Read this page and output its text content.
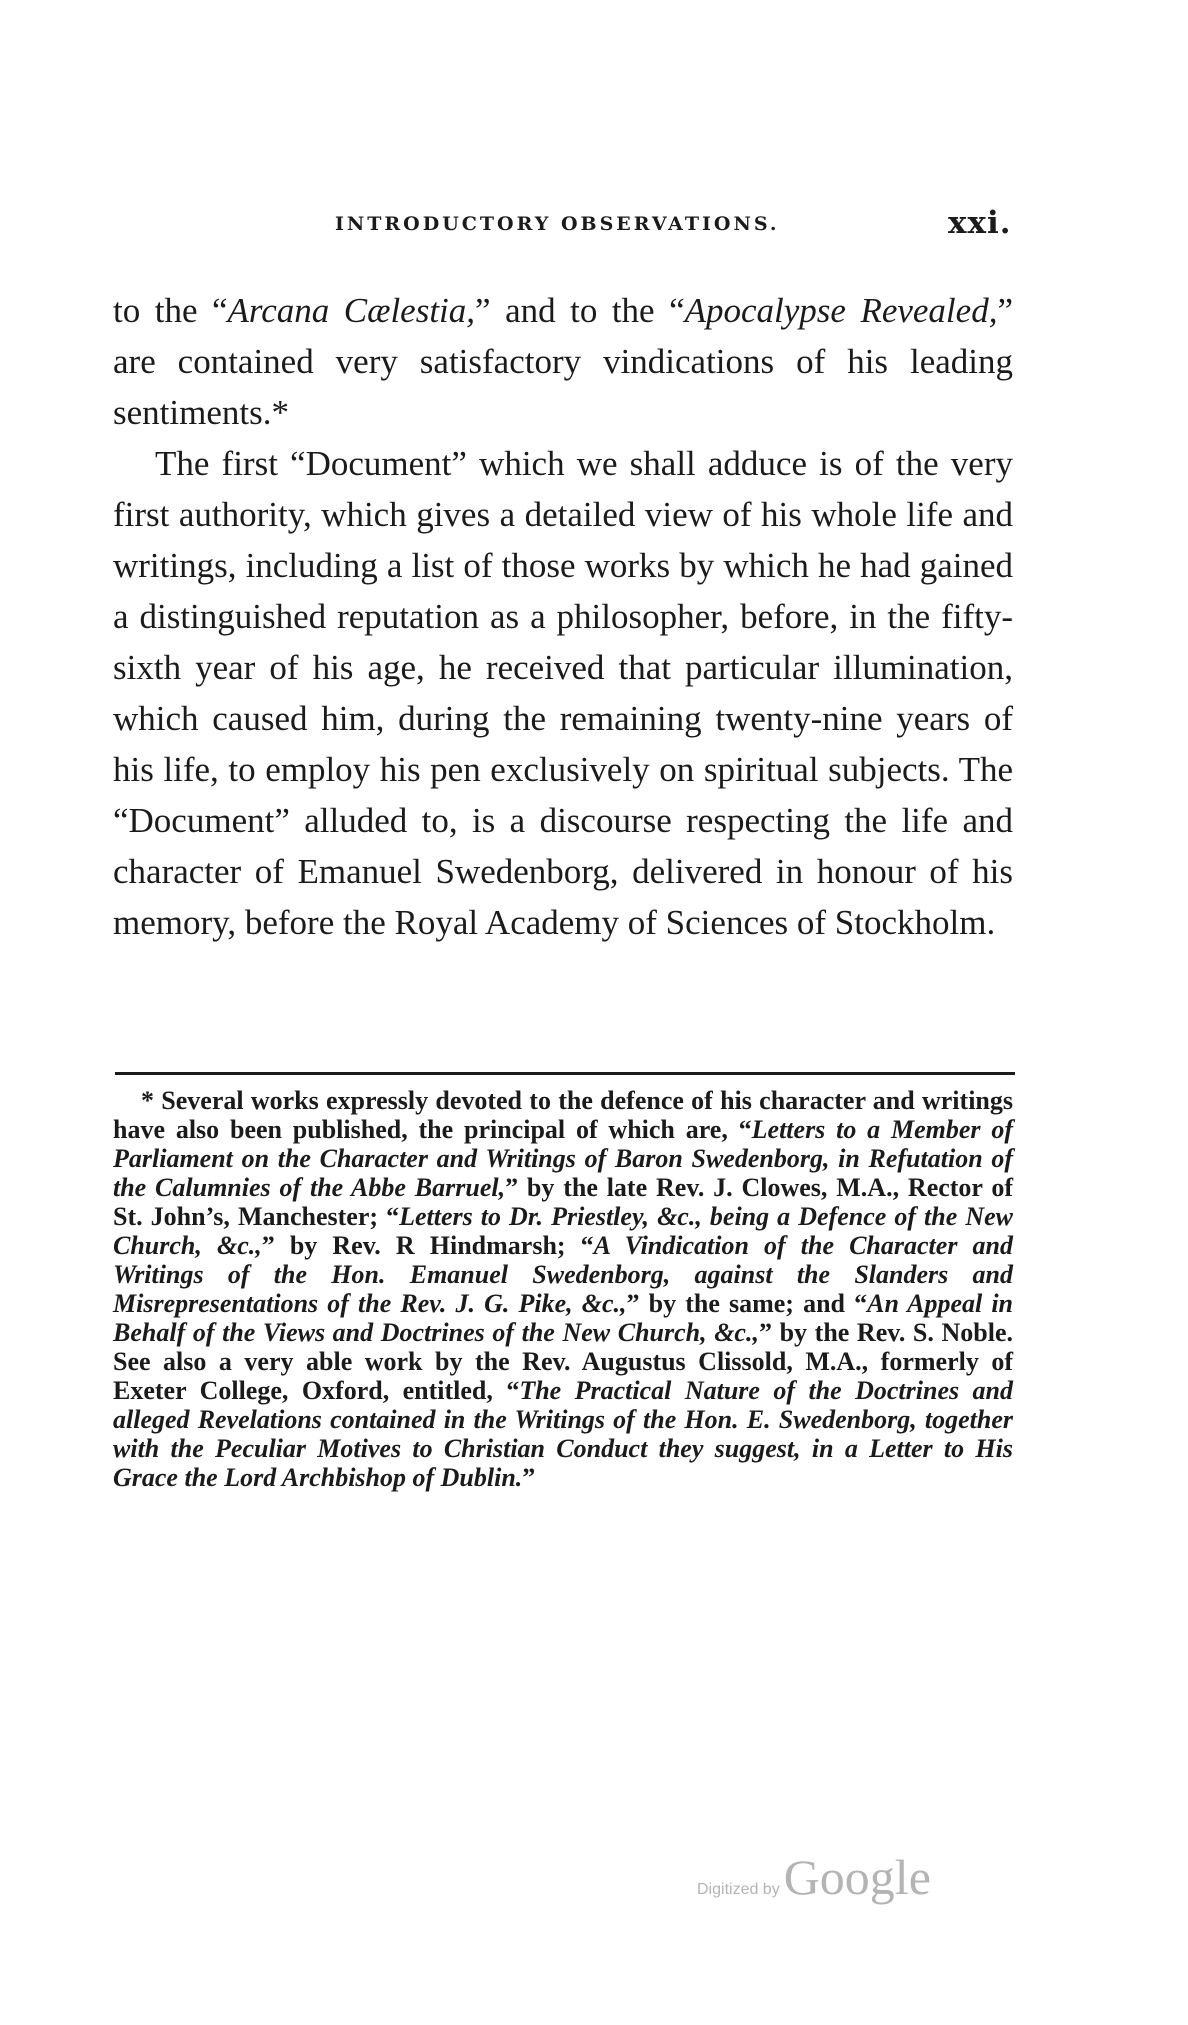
INTRODUCTORY OBSERVATIONS.	xxi.

to the “Arcana Cælestia,” and to the “Apocalypse Revealed,” are contained very satisfactory vindications of his leading sentiments.*

The first “Document” which we shall adduce is of the very first authority, which gives a detailed view of his whole life and writings, including a list of those works by which he had gained a distinguished reputation as a philosopher, before, in the fifty-sixth year of his age, he received that particular illumination, which caused him, during the remaining twenty-nine years of his life, to employ his pen exclusively on spiritual subjects. The “Document” alluded to, is a discourse respecting the life and character of Emanuel Swedenborg, delivered in honour of his memory, before the Royal Academy of Sciences of Stockholm.

* Several works expressly devoted to the defence of his character and writings have also been published, the principal of which are, “Letters to a Member of Parliament on the Character and Writings of Baron Swedenborg, in Refutation of the Calumnies of the Abbe Barruel,” by the late Rev. J. Clowes, M.A., Rector of St. John’s, Manchester; “Letters to Dr. Priestley, &c., being a Defence of the New Church, &c.,” by Rev. R Hindmarsh; “A Vindication of the Character and Writings of the Hon. Emanuel Swedenborg, against the Slanders and Misrepresentations of the Rev. J. G. Pike, &c.,” by the same; and “An Appeal in Behalf of the Views and Doctrines of the New Church, &c.,” by the Rev. S. Noble. See also a very able work by the Rev. Augustus Clissold, M.A., formerly of Exeter College, Oxford, entitled, “The Practical Nature of the Doctrines and alleged Revelations contained in the Writings of the Hon. E. Swedenborg, together with the Peculiar Motives to Christian Conduct they suggest, in a Letter to His Grace the Lord Archbishop of Dublin.”

Digitized byGoogle
